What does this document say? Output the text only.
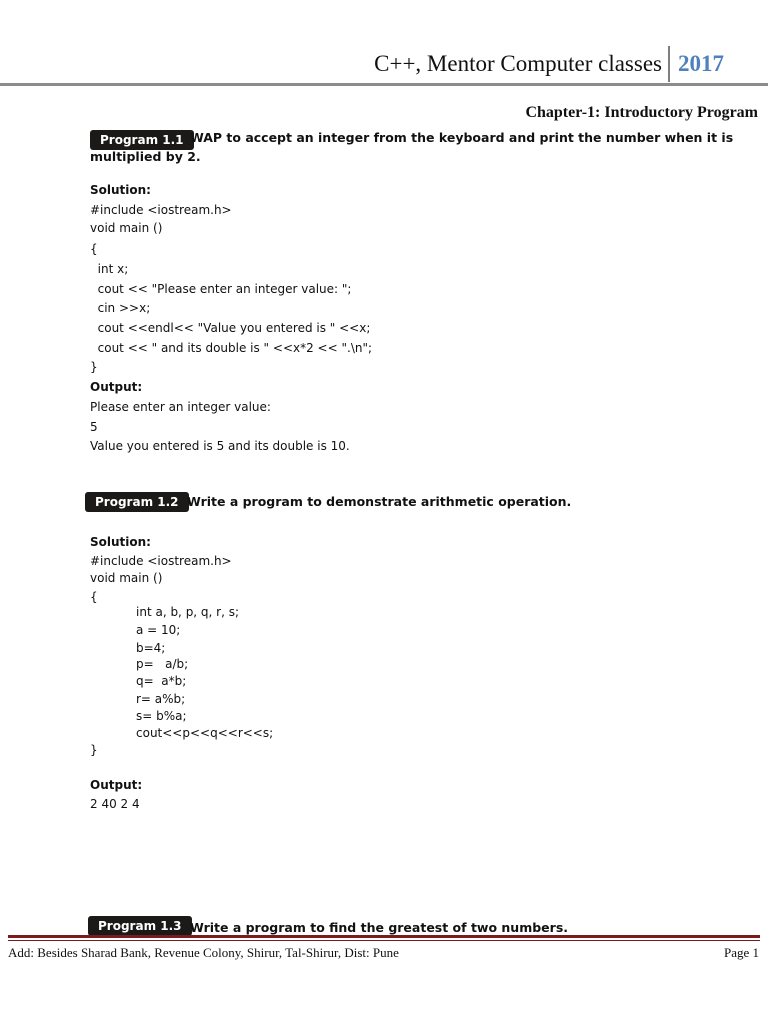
C++, Mentor Computer classes 2017
Chapter-1: Introductory Program
Program 1.1 WAP to accept an integer from the keyboard and print the number when it is
multiplied by 2.
Solution:
#include <iostream.h>
void main ()
{
int x;
cout << "Please enter an integer value: ";
cin >>x;
cout <<endl<< "Value you entered is " <<x;
cout << " and its double is " <<x*2 << ".\n";
}
Output:
Please enter an integer value:
5
Value you entered is 5 and its double is 10.
Program 1.2 Write a program to demonstrate arithmetic operation.
Solution:
#include <iostream.h>
void main ()
{
int a, b, p, q, r, s;
a = 10;
b=4;
p=   a/b;
q=  a*b;
r= a%b;
s= b%a;
cout<<p<<q<<r<<s;
}
Output:
2 40 2 4
Program 1.3 Write a program to find the greatest of two numbers.
Add: Besides Sharad Bank, Revenue Colony, Shirur, Tal-Shirur, Dist: Pune	Page 1
